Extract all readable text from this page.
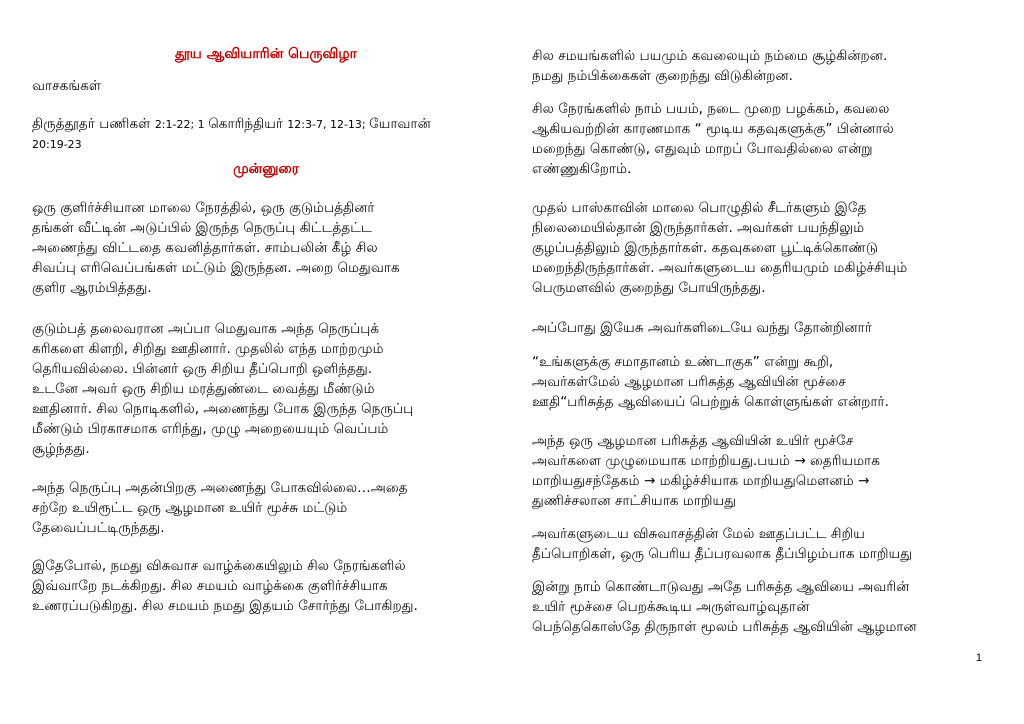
தூய ஆவியாரின் பெருவிழா
வாசகங்கள்
திருத்தூதர் பணிகள் 2:1-22; 1 கொரிந்தியர் 12:3-7, 12-13; யோவான்
20:19-23
முன்னுரை
ஒரு குளிர்ச்சியான மாலை நேரத்தில், ஒரு குடும்பத்தினர்
தங்கள் வீட்டின் அடுப்பில் இருந்த நெருப்பு கிட்டத்தட்ட
அணைந்து விட்டதை கவனித்தார்கள். சாம்பலின் கீழ் சில
சிவப்பு எரிவெப்பங்கள் மட்டும் இருந்தன. அறை மெதுவாக
குளிர ஆரம்பித்தது.
குடும்பத் தலைவரான அப்பா மெதுவாக அந்த நெருப்புக்
கரிகளை கிளறி, சிறிது ஊதினார். முதலில் எந்த மாற்றமும்
தெரியவில்லை. பின்னர் ஒரு சிறிய தீப்பொறி ஒளிந்தது.
உடனே அவர் ஒரு சிறிய மரத்துண்டை வைத்து மீண்டும்
ஊதினார். சில நொடிகளில், அணைந்து போக இருந்த நெருப்பு
மீண்டும் பிரகாசமாக எரிந்து, முழு அறையையும் வெப்பம்
சூழ்ந்தது.
அந்த நெருப்பு அதன்பிறகு அணைந்து போகவில்லை…அதை
சற்றே உயிரூட்ட ஒரு ஆழமான உயிர் மூச்சு மட்டும்
தேவைப்பட்டிருந்தது.
இதேபோல், நமது விசுவாச வாழ்க்கையிலும் சில நேரங்களில்
இவ்வாறே நடக்கிறது. சில சமயம் வாழ்க்கை குளிர்ச்சியாக
உணரப்படுகிறது. சில சமயம் நமது இதயம் சோர்ந்து போகிறது.
சில சமயங்களில் பயமும் கவலையும் நம்மை சூழ்கின்றன.
நமது நம்பிக்கைகள் குறைந்து விடுகின்றன.
சில நேரங்களில் நாம் பயம், நடை முறை பழக்கம், கவலை
ஆகியவற்றின் காரணமாக “ மூடிய கதவுகளுக்கு” பின்னால்
மறைந்து கொண்டு, எதுவும் மாறப் போவதில்லை என்று
எண்ணுகிறோம்.
முதல் பாஸ்காவின் மாலை பொழுதில் சீடர்களும் இதே
நிலைமையில்தான் இருந்தார்கள். அவர்கள் பயந்திலும்
குழப்பத்திலும் இருந்தார்கள். கதவுகளை பூட்டிக்கொண்டு
மறைந்திருந்தார்கள். அவர்களுடைய தைரியமும் மகிழ்ச்சியும்
பெருமளவில் குறைந்து போயிருந்தது.
அப்போது இயேசு அவர்களிடையே வந்து தோன்றினார்
“உங்களுக்கு சமாதானம் உண்டாகுக” என்று கூறி,
அவர்கள்மேல் ஆழமான பரிசுத்த ஆவியின் மூச்சை
ஊதி“பரிசுத்த ஆவியைப் பெற்றுக் கொள்ளுங்கள் என்றார்.
அந்த ஒரு ஆழமான பரிசுத்த ஆவியின் உயிர் மூச்சே
அவர்களை முழுமையாக மாற்றியது.பயம் → தைரியமாக
மாறியதுசந்தேகம் → மகிழ்ச்சியாக மாறியதுமௌனம் →
துணிச்சலான சாட்சியாக மாறியது
அவர்களுடைய விசுவாசத்தின் மேல் ஊதப்பட்ட சிறிய
தீப்பொறிகள், ஒரு பெரிய தீப்பரவலாக தீப்பிழம்பாக மாறியது
இன்று நாம் கொண்டாடுவது அதே பரிசுத்த ஆவியை அவரின்
உயிர் மூச்சை பெறக்கூடிய அருள்வாழ்வுதான்
பெந்தெகொஸ்தே திருநாள் மூலம் பரிசுத்த ஆவியின் ஆழமான
1
